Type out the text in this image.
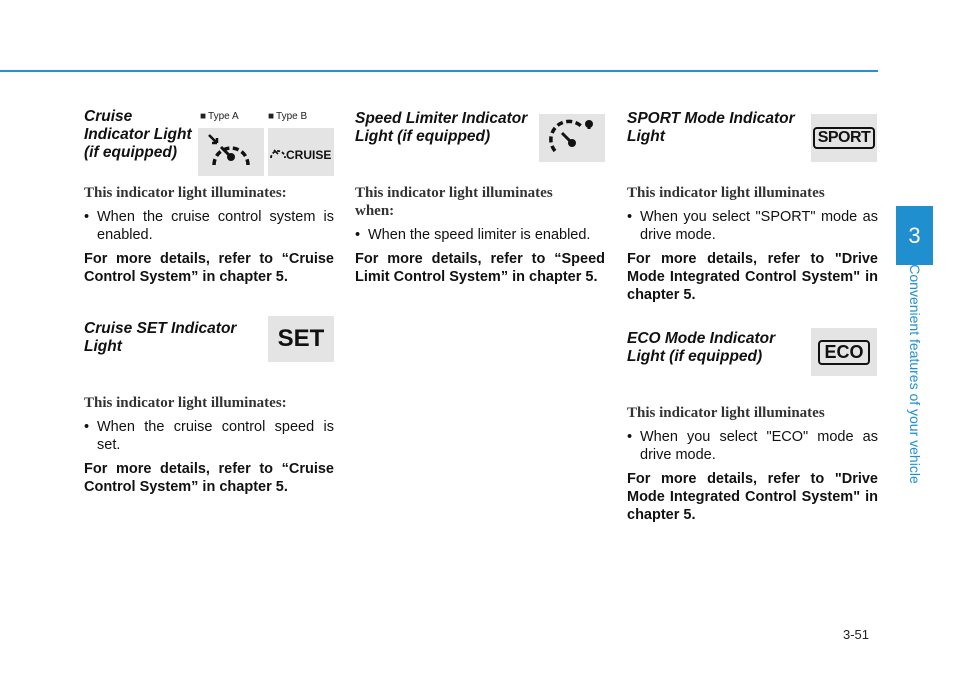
Cruise Indicator Light (if equipped)
■ Type A	■ Type B
CRUISE
This indicator light illuminates:
• When the cruise control system is enabled.
For more details, refer to “Cruise Control System” in chapter 5.
Cruise SET Indicator Light	SET
This indicator light illuminates:
• When the cruise control speed is set.
For more details, refer to “Cruise Control System” in chapter 5.
Speed Limiter Indicator Light (if equipped)
This indicator light illuminates when:
• When the speed limiter is enabled.
For more details, refer to “Speed Limit Control System” in chapter 5.
SPORT Mode Indicator Light	SPORT
This indicator light illuminates
• When you select "SPORT" mode as drive mode.
For more details, refer to "Drive Mode Integrated Control System" in chapter 5.
ECO Mode Indicator Light (if equipped)	ECO
This indicator light illuminates
• When you select "ECO" mode as drive mode.
For more details, refer to "Drive Mode Integrated Control System" in chapter 5.
3
Convenient features of your vehicle
3-51
